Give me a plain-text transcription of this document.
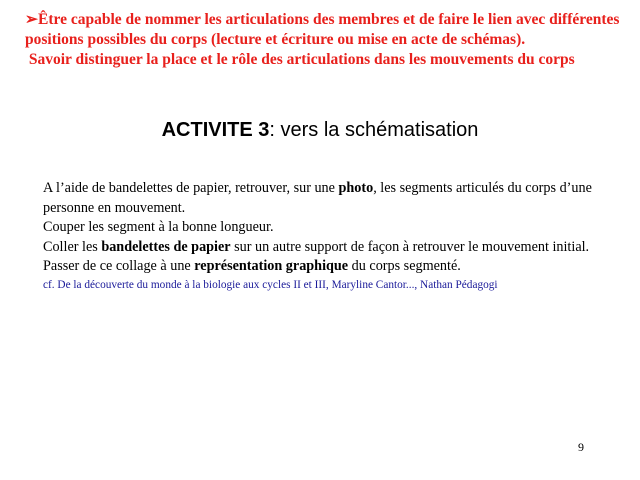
➢Être capable de nommer les articulations des membres et de faire le lien avec différentes positions possibles du corps (lecture et écriture ou mise en acte de schémas).

Savoir distinguer la place et le rôle des articulations dans les mouvements du corps

ACTIVITE 3: vers la schématisation

A l’aide de bandelettes de papier, retrouver, sur une photo, les segments articulés du corps d’une personne en mouvement.

Couper les segment à la bonne longueur.

Coller les bandelettes de papier sur un autre support de façon à retrouver le mouvement initial.

Passer de ce collage à une représentation graphique du corps segmenté.

cf. De la découverte du monde à la biologie aux cycles II et III, Maryline Cantor..., Nathan Pédagogi

9
